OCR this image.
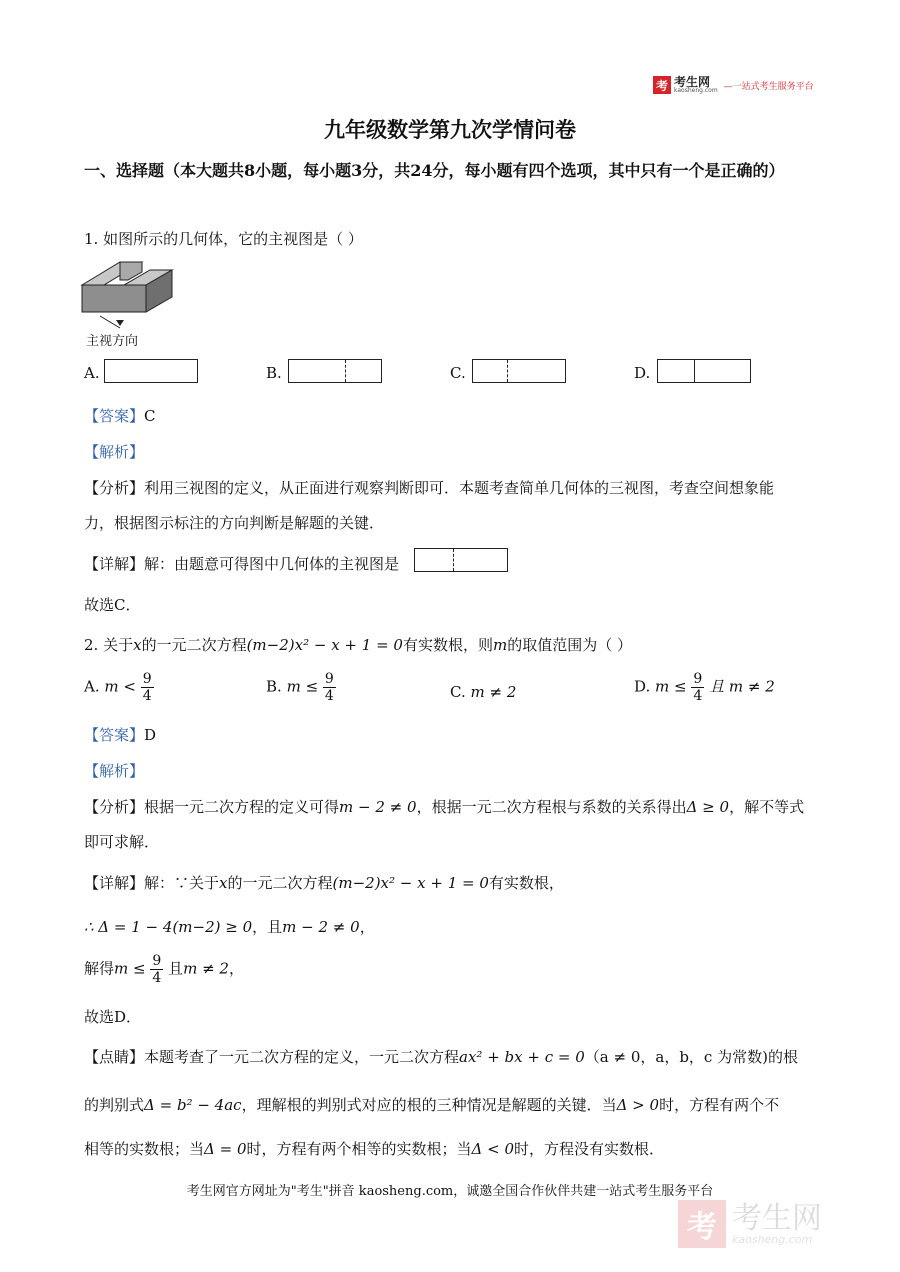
考 考生网
kaosheng.com —一站式考生服务平台
九年级数学第九次学情问卷
一、选择题（本大题共8小题，每小题3分，共24分，每小题有四个选项，其中只有一个是正确的）
1. 如图所示的几何体，它的主视图是（ ）
主视方向
A.	B.	C.	D.
【答案】C
【解析】
【分析】利用三视图的定义，从正面进行观察判断即可．本题考查简单几何体的三视图，考查空间想象能
力，根据图示标注的方向判断是解题的关键．
【详解】解：由题意可得图中几何体的主视图是
故选C．
2. 关于x的一元二次方程(m−2)x² − x + 1 = 0有实数根，则m的取值范围为（ ）
A. $m < \frac{9}{4}$	B. $m \le \frac{9}{4}$	C. m ≠ 2	D. $m \le \frac{9}{4}$ 且 m ≠ 2
【答案】D
【解析】
【分析】根据一元二次方程的定义可得m − 2 ≠ 0，根据一元二次方程根与系数的关系得出Δ ≥ 0，解不等式
即可求解．
【详解】解：∵关于x的一元二次方程(m−2)x² − x + 1 = 0有实数根，
∴ Δ = 1 − 4(m−2) ≥ 0，且m − 2 ≠ 0，
解得$m \le \frac{9}{4}$ 且m ≠ 2，
故选D．
【点睛】本题考查了一元二次方程的定义，一元二次方程ax² + bx + c = 0（a ≠ 0，a，b，c 为常数)的根
的判别式Δ = b² − 4ac，理解根的判别式对应的根的三种情况是解题的关键．当Δ > 0时，方程有两个不
相等的实数根；当Δ = 0时，方程有两个相等的实数根；当Δ < 0时，方程没有实数根．
考生网官方网址为"考生"拼音 kaosheng.com，诚邀全国合作伙伴共建一站式考生服务平台
考 考生网
kaosheng.com
